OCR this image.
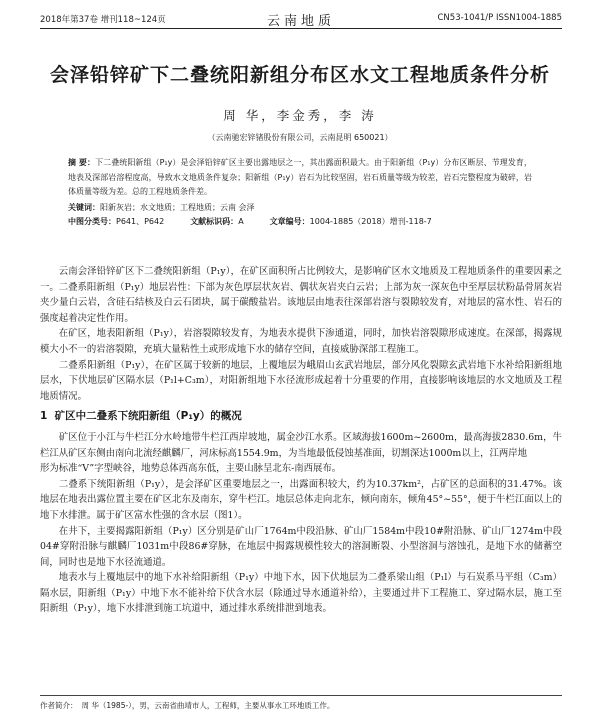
2018年第37卷 增刊118~124页	云南地质	CN53-1041/P ISSN1004-1885
会泽铅锌矿下二叠统阳新组分布区水文工程地质条件分析
周 华，李金秀，李 涛
（云南驰宏锌锗股份有限公司，云南昆明 650021）

摘 要：下二叠统阳新组（P₁y）是会泽铅锌矿区主要出露地层之一，其出露面积最大。由于阳新组（P₁y）分布区断层、节理发育，地表及深部岩溶程度高，导致水文地质条件复杂；阳新组（P₁y）岩石为比较坚固，岩石质量等级为较差，岩石完整程度为破碎，岩体质量等级为差。总的工程地质条件差。

关键词：阳新灰岩；水文地质；工程地质；云南 会泽

中图分类号：P641、P642	文献标识码：A	文章编号：1004-1885（2018）增刊-118-7

云南会泽铅锌矿区下二叠统阳新组（P₁y），在矿区面积所占比例较大，是影响矿区水文地质及工程地质条件的重要因素之一。二叠系阳新组（P₁y）地层岩性：下部为灰色厚层状灰岩、偶状灰岩夹白云岩；上部为灰一深灰色中至厚层状粉晶骨屑灰岩夹少量白云岩，含硅石结核及白云石团块，属于碳酸盐岩。该地层由地表往深部岩溶与裂隙较发育，对地层的富水性、岩石的强度起着决定性作用。

在矿区，地表阳新组（P₁y），岩溶裂隙较发育，为地表水提供下渗通道，同时，加快岩溶裂隙形成速度。在深部，揭露规模大小不一的岩溶裂隙，充填大量粘性土或形成地下水的储存空间，直接威胁深部工程施工。

二叠系阳新组（P₁y），在矿区属于较新的地层，上覆地层为峨眉山玄武岩地层，部分风化裂隙玄武岩地下水补给阳新组地层水，下伏地层矿区隔水层（P₁l+C₃m），对阳新组地下水径流形成起着十分重要的作用，直接影响该地层的水文地质及工程地质情况。

1 矿区中二叠系下统阳新组（P₁y）的概况

矿区位于小江与牛栏江分水岭地带牛栏江西岸坡地，属金沙江水系。区域海拔1600m~2600m，最高海拔2830.6m，牛栏江从矿区东侧由南向北流经麒麟厂，河床标高1554.9m，为当地最低侵蚀基准面，切割深达1000m以上，江两岸地

形为标准“V”字型峡谷，地势总体西高东低，主要山脉呈北东-南西展布。

二叠系下统阳新组（P₁y），是会泽矿区重要地层之一，出露面积较大，约为10.37km²，占矿区的总面积的31.47%。该地层在地表出露位置主要在矿区北东及南东，穿牛栏江。地层总体走向北东，倾向南东，倾角45°~55°，便于牛栏江面以上的地下水排泄。属于矿区富水性强的含水层（图1）。

在井下，主要揭露阳新组（P₁y）区分别是矿山厂1764m中段沿脉、矿山厂1584m中段10#附沿脉、矿山厂1274m中段04#穿附沿脉与麒麟厂1031m中段86#穿脉，在地层中揭露规模性较大的溶洞断裂、小型溶洞与溶蚀孔，是地下水的储蓄空间，同时也是地下水径流通道。

地表水与上覆地层中的地下水补给阳新组（P₁y）中地下水，因下伏地层为二叠系梁山组（P₁l）与石炭系马平组（C₃m）隔水层，阳新组（P₁y）中地下水不能补给下伏含水层（除通过导水通道补给），主要通过井下工程施工、穿过隔水层，施工至阳新组（P₁y），地下水排泄到施工坑道中，通过排水系统排泄到地表。

作者简介： 周 华（1985-），男，云南省曲靖市人，工程师，主要从事水工环地质工作。
